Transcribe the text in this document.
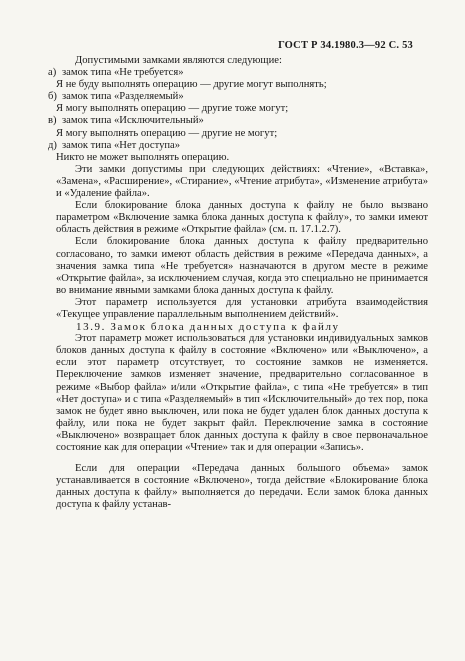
ГОСТ Р 34.1980.3—92 С. 53

Допустимыми замками являются следующие:

а) замок типа «Не требуется»

Я не буду выполнять операцию — другие могут выполнять;

б) замок типа «Разделяемый»

Я могу выполнять операцию — другие тоже могут;

в) замок типа «Исключительный»

Я могу выполнять операцию — другие не могут;

д) замок типа «Нет доступа»

Никто не может выполнять операцию.

Эти замки допустимы при следующих действиях: «Чтение», «Вставка», «Замена», «Расширение», «Стирание», «Чтение атрибута», «Изменение атрибута» и «Удаление файла».

Если блокирование блока данных доступа к файлу не было вызвано параметром «Включение замка блока данных доступа к файлу», то замки имеют область действия в режиме «Открытие файла» (см. п. 17.1.2.7).

Если блокирование блока данных доступа к файлу предварительно согласовано, то замки имеют область действия в режиме «Передача данных», а значения замка типа «Не требуется» назначаются в другом месте в режиме «Открытие файла», за исключением случая, когда это специально не принимается во внимание явными замками блока данных доступа к файлу.

Этот параметр используется для установки атрибута взаимодействия «Текущее управление параллельным выполнением действий».

13.9. Замок блока данных доступа к файлу

Этот параметр может использоваться для установки индивидуальных замков блоков данных доступа к файлу в состояние «Включено» или «Выключено», а если этот параметр отсутствует, то состояние замков не изменяется. Переключение замков изменяет значение, предварительно согласованное в режиме «Выбор файла» и/или «Открытие файла», с типа «Не требуется» в тип «Нет доступа» и с типа «Разделяемый» в тип «Исключительный» до тех пор, пока замок не будет явно выключен, или пока не будет удален блок данных доступа к файлу, или пока не будет закрыт файл. Переключение замка в состояние «Выключено» возвращает блок данных доступа к файлу в свое первоначальное состояние как для операции «Чтение» так и для операции «Запись».

Если для операции «Передача данных большого объема» замок устанавливается в состояние «Включено», тогда действие «Блокирование блока данных доступа к файлу» выполняется до передачи. Если замок блока данных доступа к файлу устанав-
